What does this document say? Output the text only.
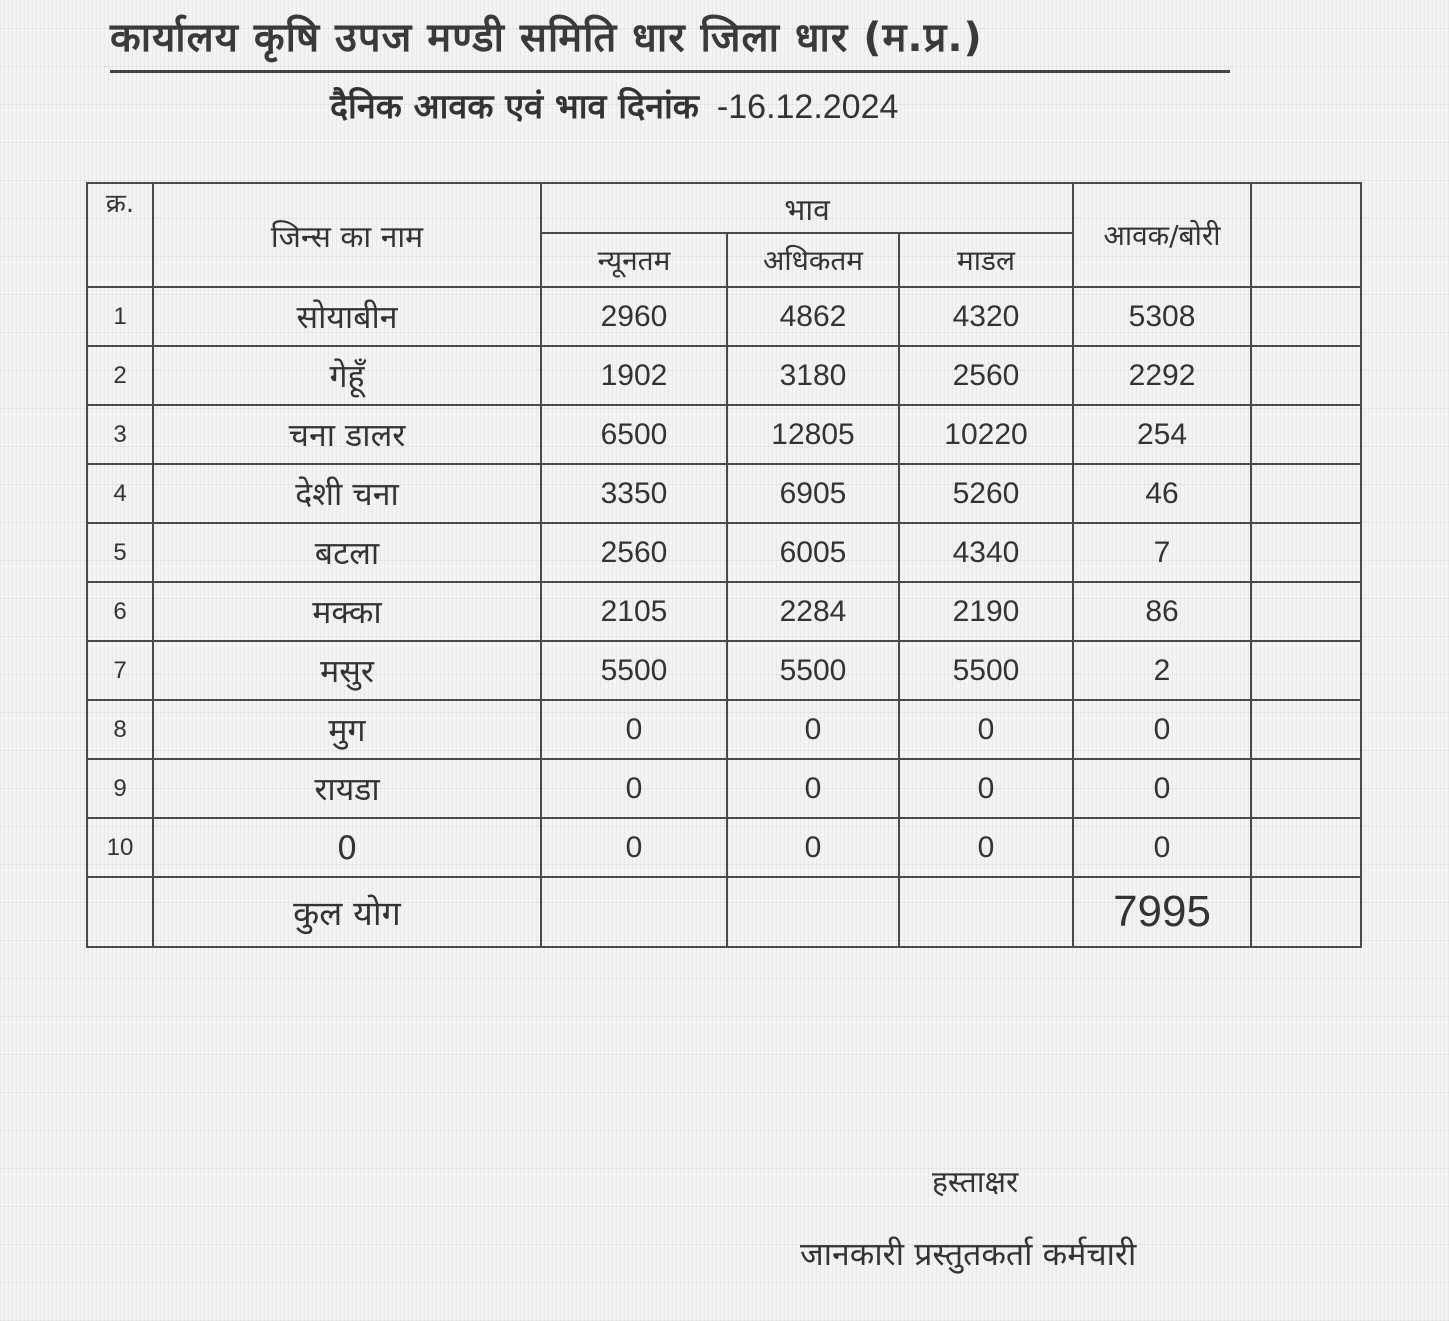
कार्यालय कृषि उपज मण्डी समिति धार जिला धार (म.प्र.)
दैनिक आवक एवं भाव दिनांक -16.12.2024
क्र.	जिन्स का नाम	भाव			आवक/बोरी	
		न्यूनतम	अधिकतम	माडल		
1	सोयाबीन	2960	4862	4320	5308	
2	गेहूँ	1902	3180	2560	2292	
3	चना डालर	6500	12805	10220	254	
4	देशी चना	3350	6905	5260	46	
5	बटला	2560	6005	4340	7	
6	मक्का	2105	2284	2190	86	
7	मसुर	5500	5500	5500	2	
8	मुग	0	0	0	0	
9	रायडा	0	0	0	0	
10	0	0	0	0	0	
	कुल योग				7995	
हस्ताक्षर
जानकारी प्रस्तुतकर्ता कर्मचारी
